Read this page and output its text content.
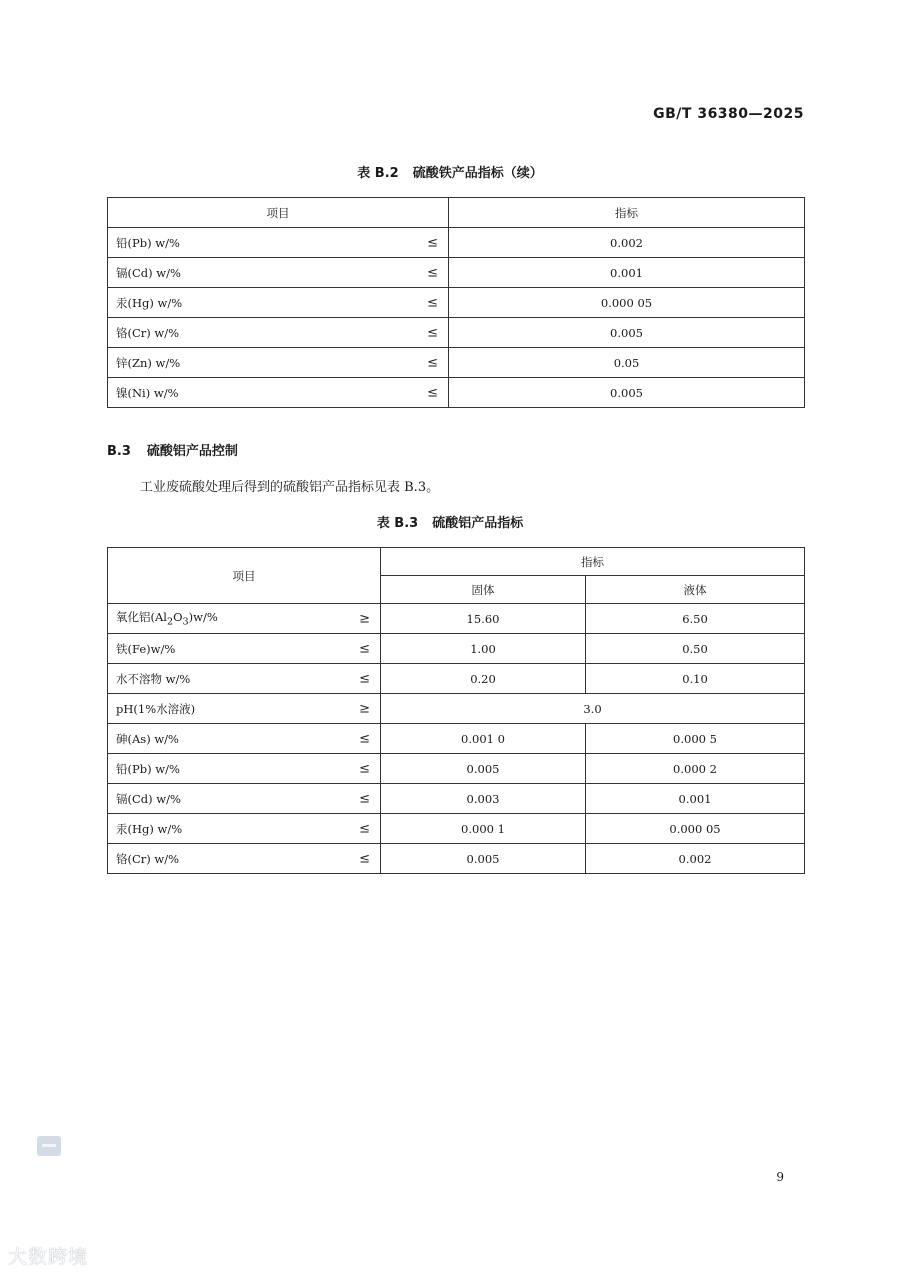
GB/T 36380—2025
表 B.2 硫酸铁产品指标（续）
项目	指标
铅(Pb) w/% ≤	0.002
镉(Cd) w/% ≤	0.001
汞(Hg) w/% ≤	0.000 05
铬(Cr) w/% ≤	0.005
锌(Zn) w/% ≤	0.05
镍(Ni) w/% ≤	0.005
B.3 硫酸铝产品控制
工业废硫酸处理后得到的硫酸铝产品指标见表 B.3。
表 B.3 硫酸铝产品指标
项目	指标	
	固体	液体
氧化铝$(Al_2O_3)w/\%$ ≥	15.60	6.50
铁(Fe)w/% ≤	1.00	0.50
水不溶物 w/% ≤	0.20	0.10
pH(1%水溶液) ≥	3.0	
砷(As) w/% ≤	0.001 0	0.000 5
铅(Pb) w/% ≤	0.005	0.000 2
镉(Cd) w/% ≤	0.003	0.001
汞(Hg) w/% ≤	0.000 1	0.000 05
铬(Cr) w/% ≤	0.005	0.002
9
大数跨境
